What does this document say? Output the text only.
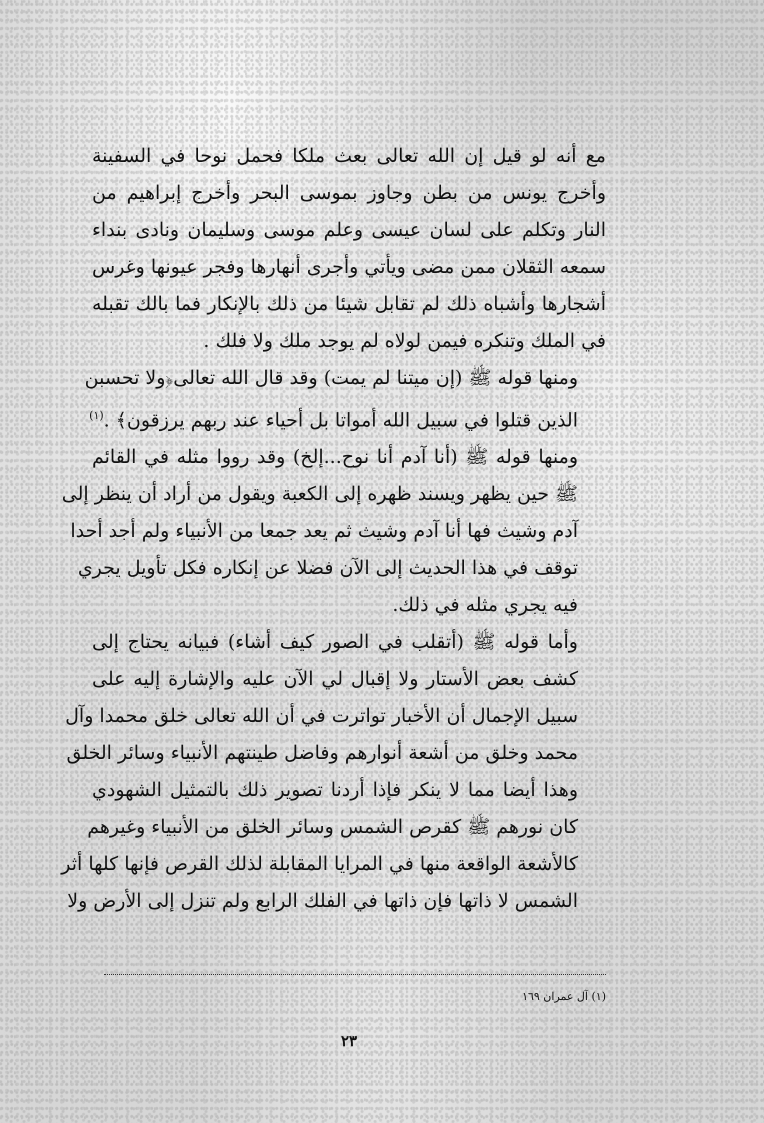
مع أنه لو قيل إن الله تعالى بعث ملكا فحمل نوحا في السفينة
وأخرج يونس من بطن وجاوز بموسى البحر وأخرج إبراهيم من
النار وتكلم على لسان عيسى وعلم موسى وسليمان ونادى بنداء
سمعه الثقلان ممن مضى ويأتي وأجرى أنهارها وفجر عيونها وغرس
أشجارها وأشباه ذلك لم تقابل شيئا من ذلك بالإنكار فما بالك تقبله
في الملك وتنكره فيمن لولاه لم يوجد ملك ولا فلك .

ومنها قوله ﷺ (إن ميتنا لم يمت) وقد قال الله تعالى﴿ولا تحسبن
الذين قتلوا في سبيل الله أمواتا بل أحياء عند ربهم يرزقون﴾ .$^{(١)}$

ومنها قوله ﷺ (أنا آدم أنا نوح...إلخ) وقد رووا مثله في القائم
ﷺ حين يظهر ويسند ظهره إلى الكعبة ويقول من أراد أن ينظر إلى
آدم وشيث فها أنا آدم وشيث ثم يعد جمعا من الأنبياء ولم أجد أحدا
توقف في هذا الحديث إلى الآن فضلا عن إنكاره فكل تأويل يجري
فيه يجري مثله في ذلك.

وأما قوله ﷺ (أتقلب في الصور كيف أشاء) فبيانه يحتاج إلى
كشف بعض الأستار ولا إقبال لي الآن عليه والإشارة إليه على
سبيل الإجمال أن الأخبار تواترت في أن الله تعالى خلق محمدا وآل
محمد وخلق من أشعة أنوارهم وفاضل طينتهم الأنبياء وسائر الخلق
وهذا أيضا مما لا ينكر فإذا أردنا تصوير ذلك بالتمثيل الشهودي
كان نورهم ﷺ كقرص الشمس وسائر الخلق من الأنبياء وغيرهم
كالأشعة الواقعة منها في المرايا المقابلة لذلك القرص فإنها كلها أثر
الشمس لا ذاتها فإن ذاتها في الفلك الرابع ولم تنزل إلى الأرض ولا

(١) آل عمران ١٦٩
٢٣
